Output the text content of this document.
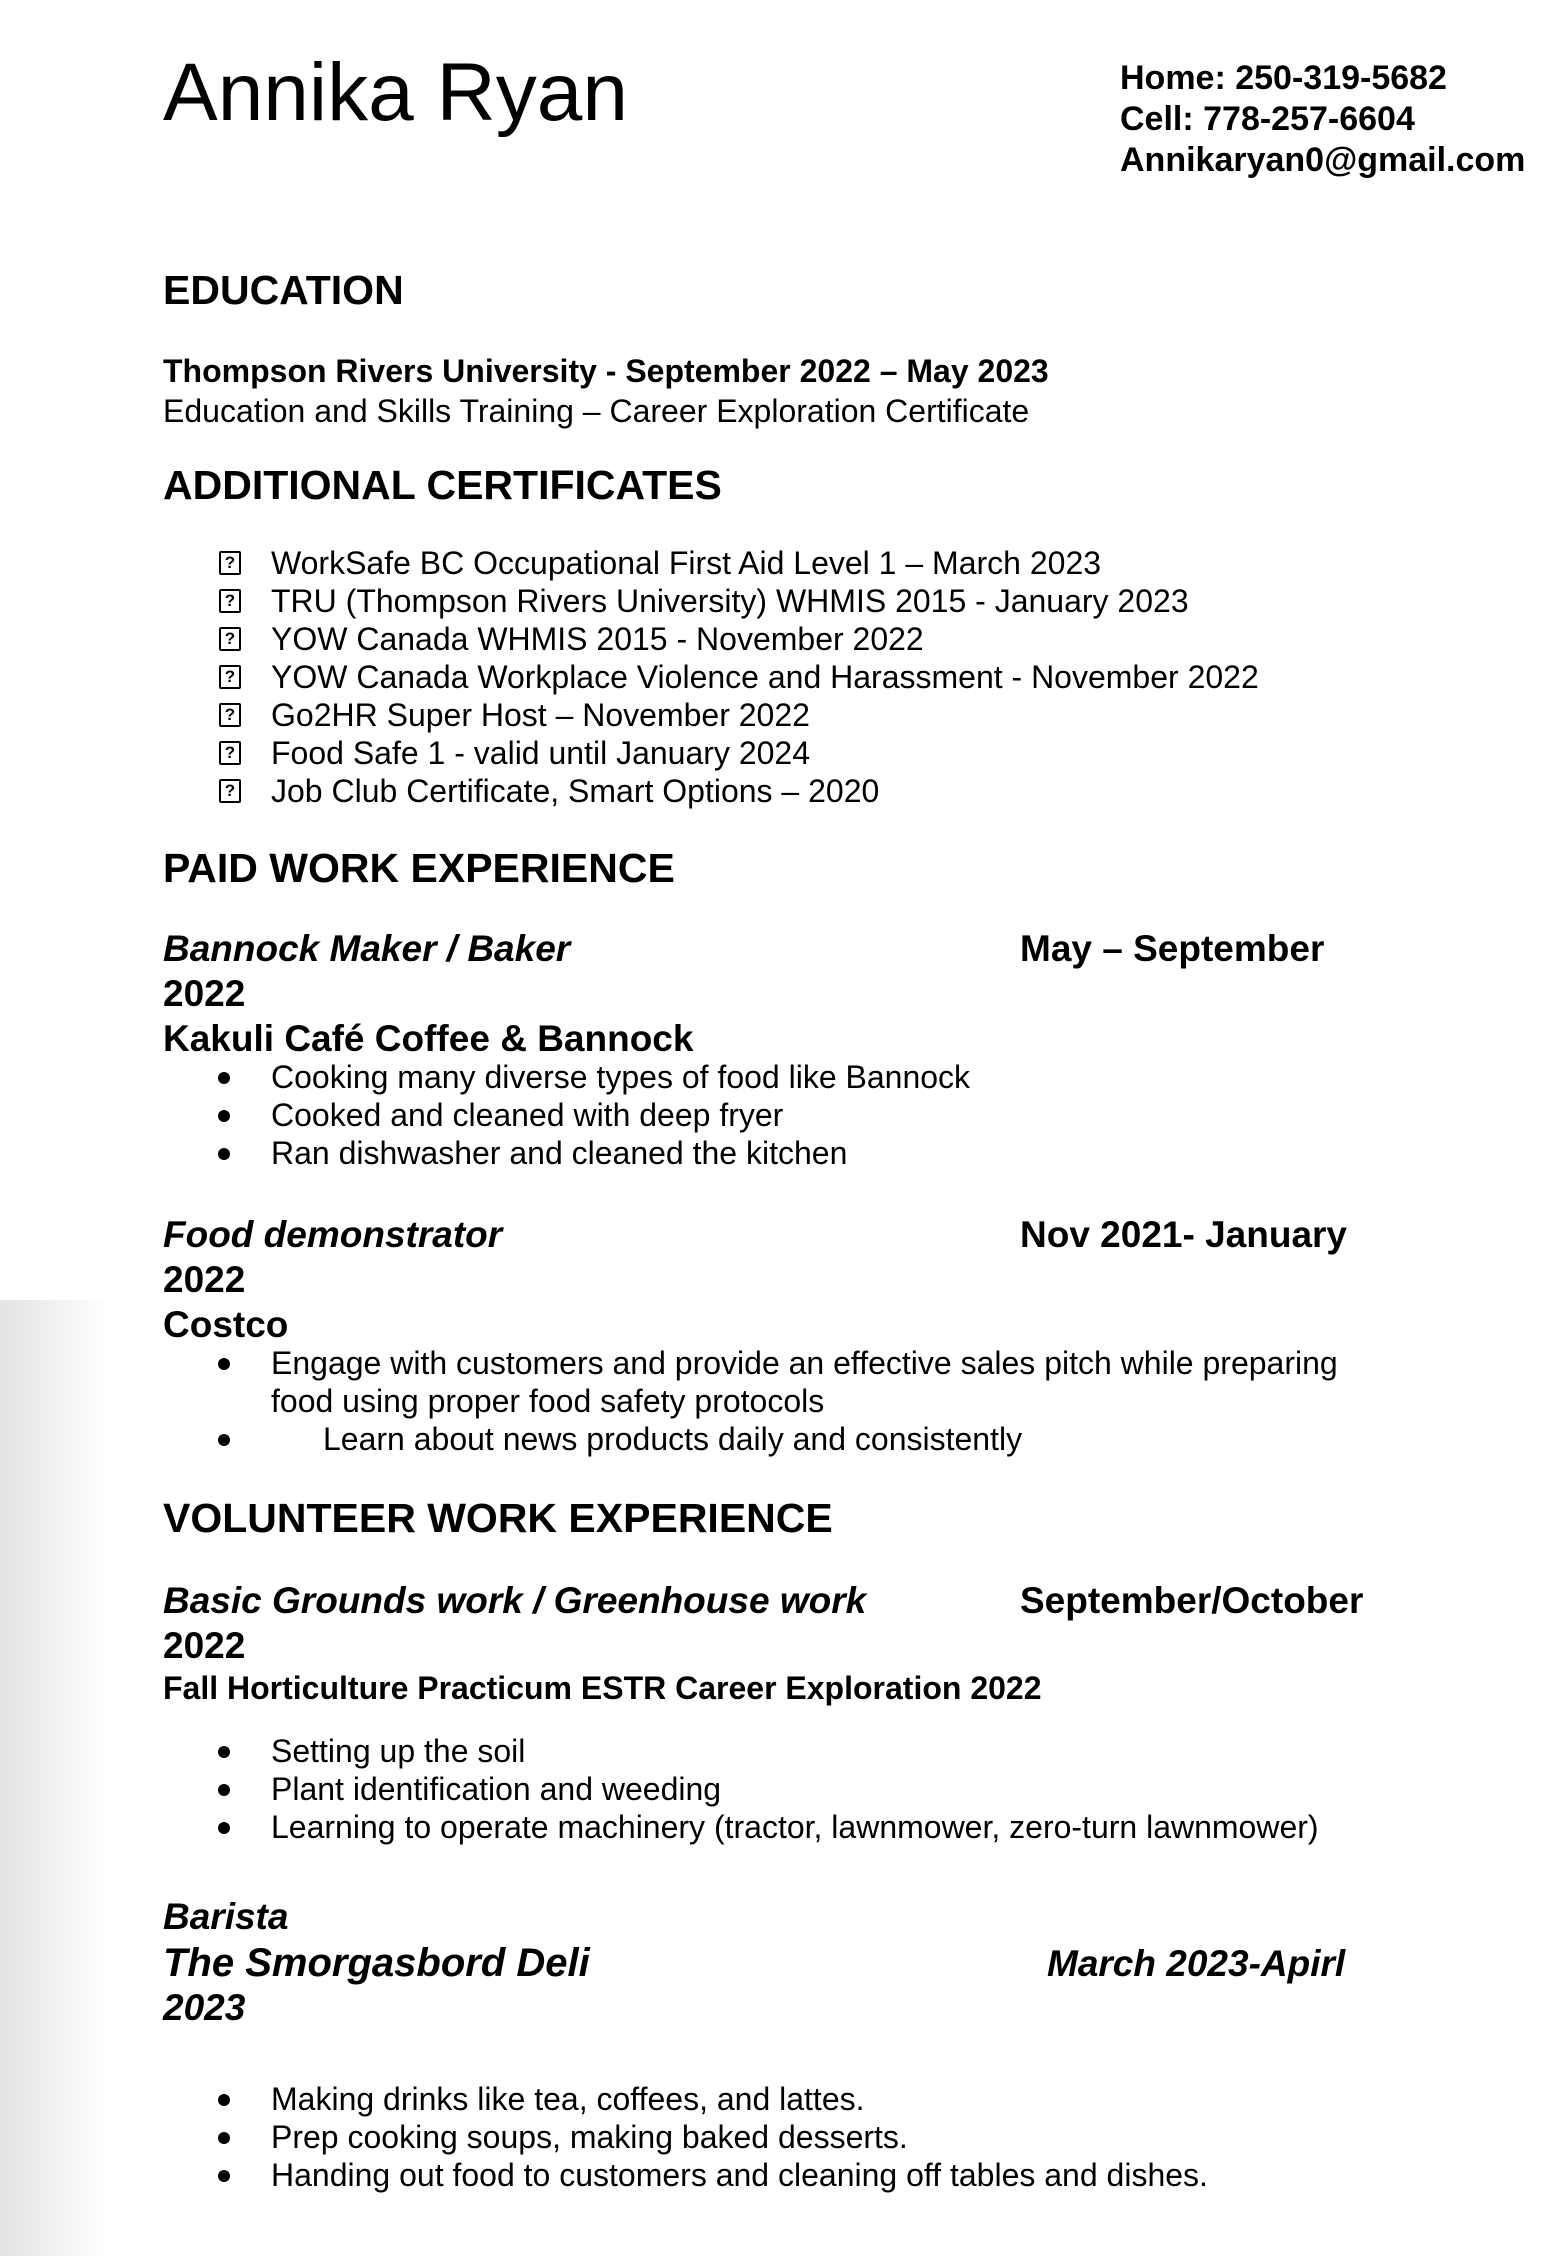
Annika Ryan	Home: 250-319-5682
Cell: 778-257-6604
Annikaryan0@gmail.com
EDUCATION
Thompson Rivers University - September 2022 – May 2023
Education and Skills Training – Career Exploration Certificate
ADDITIONAL CERTIFICATES
? WorkSafe BC Occupational First Aid Level 1 – March 2023
? TRU (Thompson Rivers University) WHMIS 2015 - January 2023
? YOW Canada WHMIS 2015 - November 2022
? YOW Canada Workplace Violence and Harassment - November 2022
? Go2HR Super Host – November 2022
? Food Safe 1 - valid until January 2024
? Job Club Certificate, Smart Options – 2020
PAID WORK EXPERIENCE
Bannock Maker / Baker	May – September
2022
Kakuli Café Coffee & Bannock
Cooking many diverse types of food like Bannock
Cooked and cleaned with deep fryer
Ran dishwasher and cleaned the kitchen
Food demonstrator	Nov 2021- January
2022
Costco
Engage with customers and provide an effective sales pitch while preparing
food using proper food safety protocols
Learn about news products daily and consistently
VOLUNTEER WORK EXPERIENCE
Basic Grounds work / Greenhouse work	September/October
2022
Fall Horticulture Practicum ESTR Career Exploration 2022
Setting up the soil
Plant identification and weeding
Learning to operate machinery (tractor, lawnmower, zero-turn lawnmower)
Barista
The Smorgasbord Deli	March 2023-Apirl
2023
Making drinks like tea, coffees, and lattes.
Prep cooking soups, making baked desserts.
Handing out food to customers and cleaning off tables and dishes.
